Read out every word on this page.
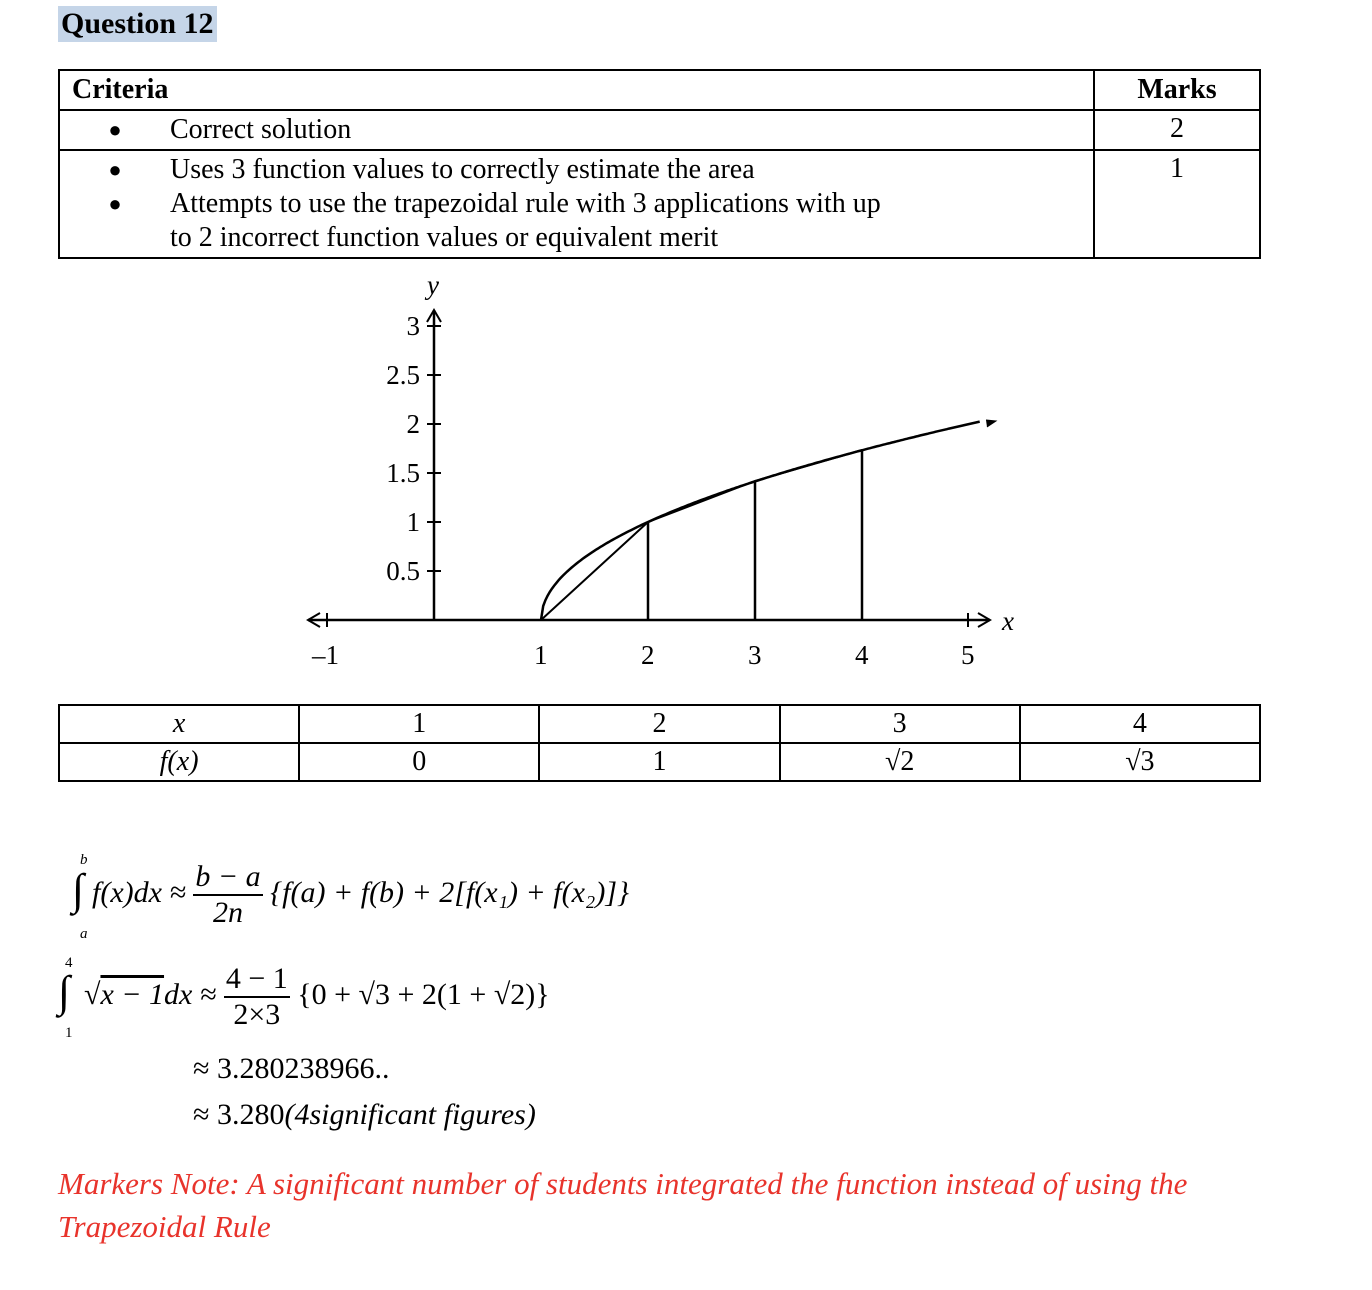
Question 12
Criteria	Marks

● Correct solution	2

● Uses 3 function values to correctly estimate the area
● Attempts to use the trapezoidal rule with 3 applications with up to 2 incorrect function values or equivalent merit	1
x
y
–1	1	2	3	4	5
0.5
1
1.5
2
2.5
3
x	1	2	3	4
f(x)	0	1	√2	√3
b
∫
a
$f(x)dx \approx \frac{b - a}{2n} \{f(a) + f(b) + 2[f(x_1) + f(x_2)]\}$
4
∫
1
$√x - 1dx \approx \frac{4 - 1}{2\times 3} \{0 + √3 + 2(1 + √2)\}$
≈ 3.280238966..
≈ 3.280(4significant figures)
Markers Note: A significant number of students integrated the function instead of using the Trapezoidal Rule
